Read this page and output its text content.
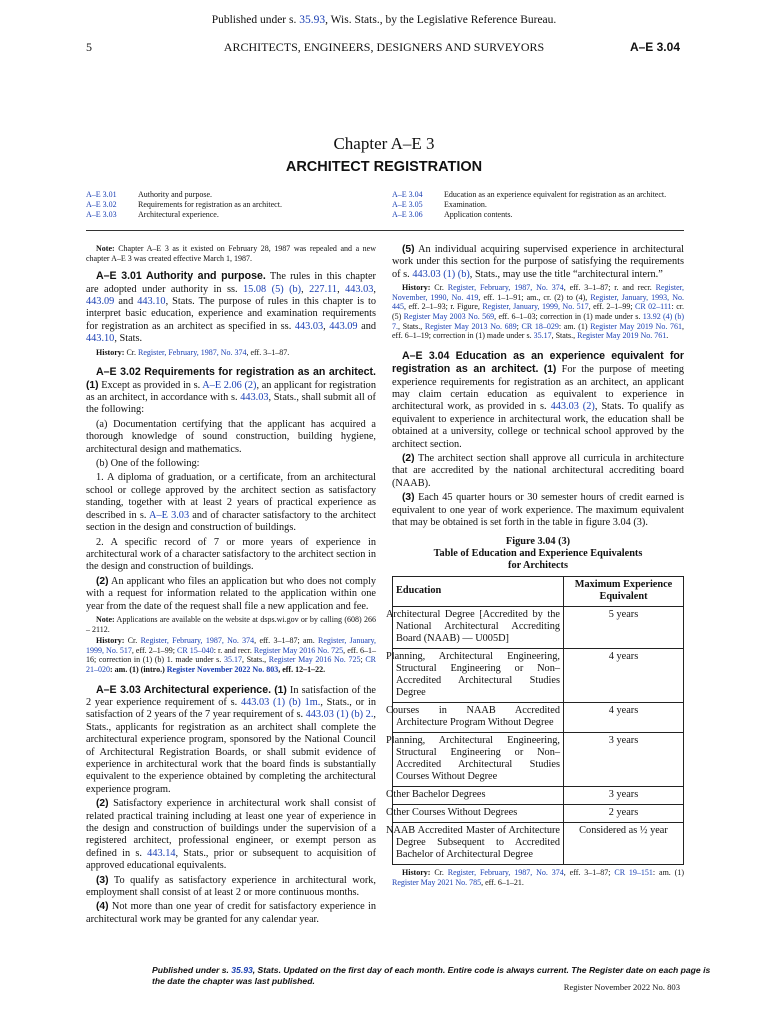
Published under s. 35.93, Wis. Stats., by the Legislative Reference Bureau.
5	ARCHITECTS, ENGINEERS, DESIGNERS AND SURVEYORS	A–E 3.04
Chapter A–E 3
ARCHITECT REGISTRATION
A–E 3.01	Authority and purpose.
A–E 3.02	Requirements for registration as an architect.
A–E 3.03	Architectural experience.
A–E 3.04	Education as an experience equivalent for registration as an architect.
A–E 3.05	Examination.
A–E 3.06	Application contents.

Note: Chapter A–E 3 as it existed on February 28, 1987 was repealed and a new chapter A–E 3 was created effective March 1, 1987.

A–E 3.01 Authority and purpose. The rules in this chapter are adopted under authority in ss. 15.08 (5) (b), 227.11, 443.03, 443.09 and 443.10, Stats. The purpose of rules in this chapter is to interpret basic education, experience and examination requirements for registration as an architect as specified in ss. 443.03, 443.09 and 443.10, Stats.

History: Cr. Register, February, 1987, No. 374, eff. 3–1–87.

A–E 3.02 Requirements for registration as an architect. (1) Except as provided in s. A–E 2.06 (2), an applicant for registration as an architect, in accordance with s. 443.03, Stats., shall submit all of the following:

(a) Documentation certifying that the applicant has acquired a thorough knowledge of sound construction, building hygiene, architectural design and mathematics.

(b) One of the following:

1. A diploma of graduation, or a certificate, from an architectural school or college approved by the architect section as satisfactory standing, together with at least 2 years of practical experience as described in s. A–E 3.03 and of character satisfactory to the architect section in the design and construction of buildings.

2. A specific record of 7 or more years of experience in architectural work of a character satisfactory to the architect section in the design and construction of buildings.

(2) An applicant who files an application but who does not comply with a request for information related to the application within one year from the date of the request shall file a new application and fee.

Note: Applications are available on the website at dsps.wi.gov or by calling (608) 266 – 2112.

History: Cr. Register, February, 1987, No. 374, eff. 3–1–87; am. Register, January, 1999, No. 517, eff. 2–1–99; CR 15–040: r. and recr. Register May 2016 No. 725, eff. 6–1–16; correction in (1) (b) 1. made under s. 35.17, Stats., Register May 2016 No. 725; CR 21–020: am. (1) (intro.) Register November 2022 No. 803, eff. 12–1–22.

A–E 3.03 Architectural experience. (1) In satisfaction of the 2 year experience requirement of s. 443.03 (1) (b) 1m., Stats., or in satisfaction of 2 years of the 7 year requirement of s. 443.03 (1) (b) 2., Stats., applicants for registration as an architect shall complete the architectural experience program, sponsored by the National Council of Architectural Registration Boards, or shall submit evidence of experience in architectural work that the board finds is substantially equivalent to the experience obtained by completing the architectural experience program.

(2) Satisfactory experience in architectural work shall consist of related practical training including at least one year of experience in the design and construction of buildings under the supervision of a registered architect, professional engineer, or exempt person as defined in s. 443.14, Stats., prior or subsequent to acquisition of approved educational equivalents.

(3) To qualify as satisfactory experience in architectural work, employment shall consist of at least 2 or more continuous months.

(4) Not more than one year of credit for satisfactory experience in architectural work may be granted for any calendar year.

(5) An individual acquiring supervised experience in architectural work under this section for the purpose of satisfying the requirements of s. 443.03 (1) (b), Stats., may use the title “architectural intern.”

History: Cr. Register, February, 1987, No. 374, eff. 3–1–87; r. and recr. Register, November, 1990, No. 419, eff. 1–1–91; am., cr. (2) to (4), Register, January, 1993, No. 445, eff. 2–1–93; r. Figure, Register, January, 1999, No. 517, eff. 2–1–99; CR 02–111: cr. (5) Register May 2003 No. 569, eff. 6–1–03; correction in (1) made under s. 13.92 (4) (b) 7., Stats., Register May 2013 No. 689; CR 18–029: am. (1) Register May 2019 No. 761, eff. 6–1–19; correction in (1) made under s. 35.17, Stats., Register May 2019 No. 761.

A–E 3.04 Education as an experience equivalent for registration as an architect. (1) For the purpose of meeting experience requirements for registration as an architect, an applicant may claim certain education as equivalent to experience in architectural work, as provided in s. 443.03 (2), Stats. To qualify as equivalent to experience in architectural work, the education shall be obtained at a university, college or technical school approved by the architect section.

(2) The architect section shall approve all curricula in architecture that are accredited by the national architectural accrediting board (NAAB).

(3) Each 45 quarter hours or 30 semester hours of credit earned is equivalent to one year of work experience. The maximum equivalent that may be obtained is set forth in the table in figure 3.04 (3).

Figure 3.04 (3)
Table of Education and Experience Equivalents
for Architects
Education	Maximum Experience Equivalent
Architectural Degree [Accredited by the National Architectural Accrediting Board (NAAB) — U005D]	5 years
Planning, Architectural Engineering, Structural Engineering or Non–Accredited Architectural Studies Degree	4 years
Courses in NAAB Accredited Architecture Program Without Degree	4 years
Planning, Architectural Engineering, Structural Engineering or Non–Accredited Architectural Studies Courses Without Degree	3 years
Other Bachelor Degrees	3 years
Other Courses Without Degrees	2 years
NAAB Accredited Master of Architecture Degree Subsequent to Accredited Bachelor of Architectural Degree	Considered as ½ year

History: Cr. Register, February, 1987, No. 374, eff. 3–1–87; CR 19–151: am. (1) Register May 2021 No. 785, eff. 6–1–21.

Published under s. 35.93, Stats. Updated on the first day of each month. Entire code is always current. The Register date on each page is the date the chapter was last published.
Register November 2022 No. 803
